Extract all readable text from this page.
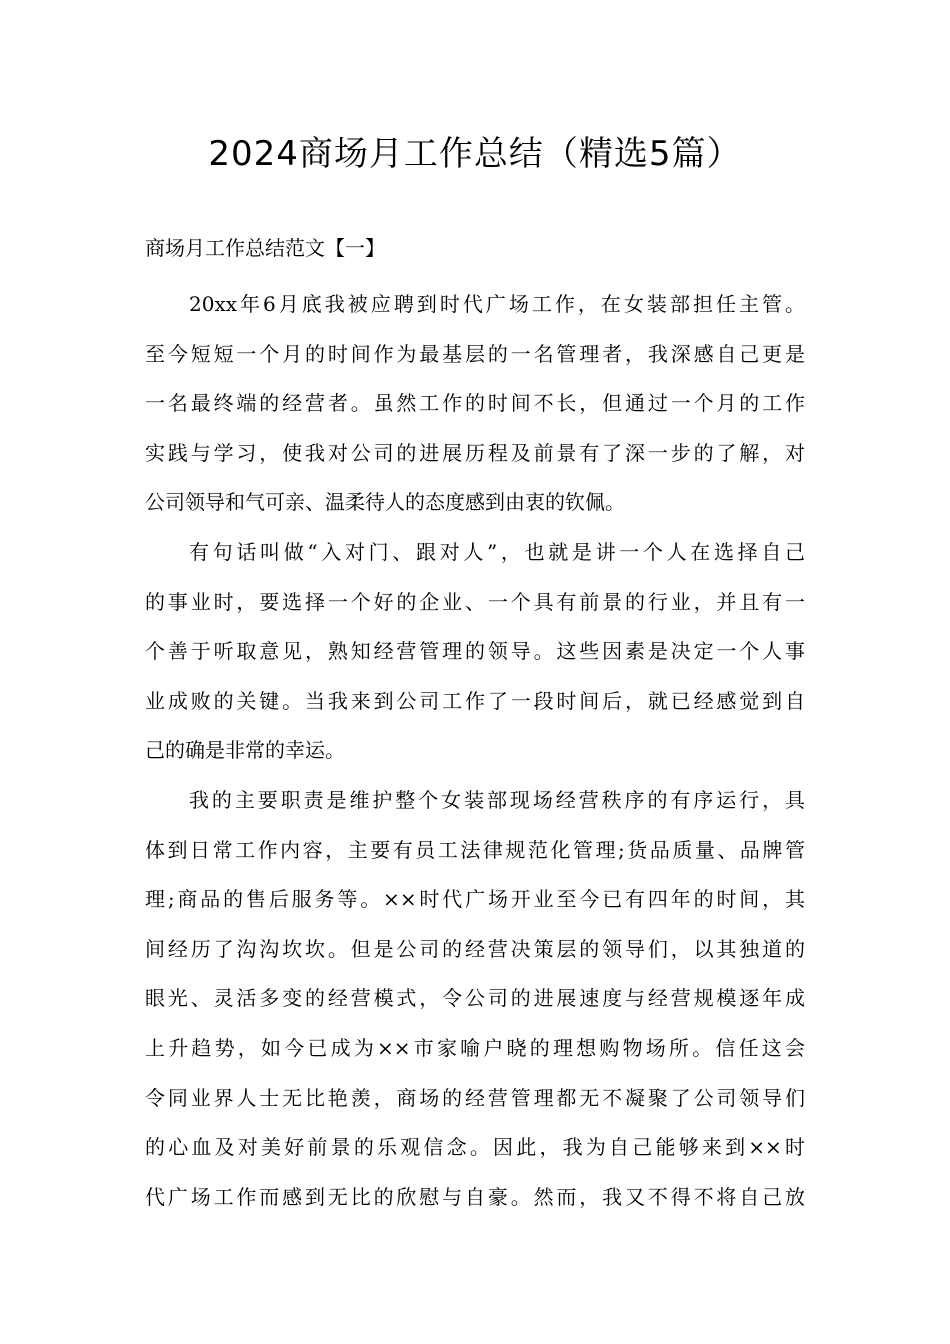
2024商场月工作总结（精选5篇）
商场月工作总结范文【一】
20xx年6月底我被应聘到时代广场工作，在女装部担任主管。
至今短短一个月的时间作为最基层的一名管理者，我深感自己更是
一名最终端的经营者。虽然工作的时间不长，但通过一个月的工作
实践与学习，使我对公司的进展历程及前景有了深一步的了解，对
公司领导和气可亲、温柔待人的态度感到由衷的钦佩。
有句话叫做“入对门、跟对人”，也就是讲一个人在选择自己
的事业时，要选择一个好的企业、一个具有前景的行业，并且有一
个善于听取意见，熟知经营管理的领导。这些因素是决定一个人事
业成败的关键。当我来到公司工作了一段时间后，就已经感觉到自
己的确是非常的幸运。
我的主要职责是维护整个女装部现场经营秩序的有序运行，具
体到日常工作内容，主要有员工法律规范化管理;货品质量、品牌管
理;商品的售后服务等。××时代广场开业至今已有四年的时间，其
间经历了沟沟坎坎。但是公司的经营决策层的领导们，以其独道的
眼光、灵活多变的经营模式，令公司的进展速度与经营规模逐年成
上升趋势，如今已成为××市家喻户晓的理想购物场所。信任这会
令同业界人士无比艳羡，商场的经营管理都无不凝聚了公司领导们
的心血及对美好前景的乐观信念。因此，我为自己能够来到××时
代广场工作而感到无比的欣慰与自豪。然而，我又不得不将自己放
